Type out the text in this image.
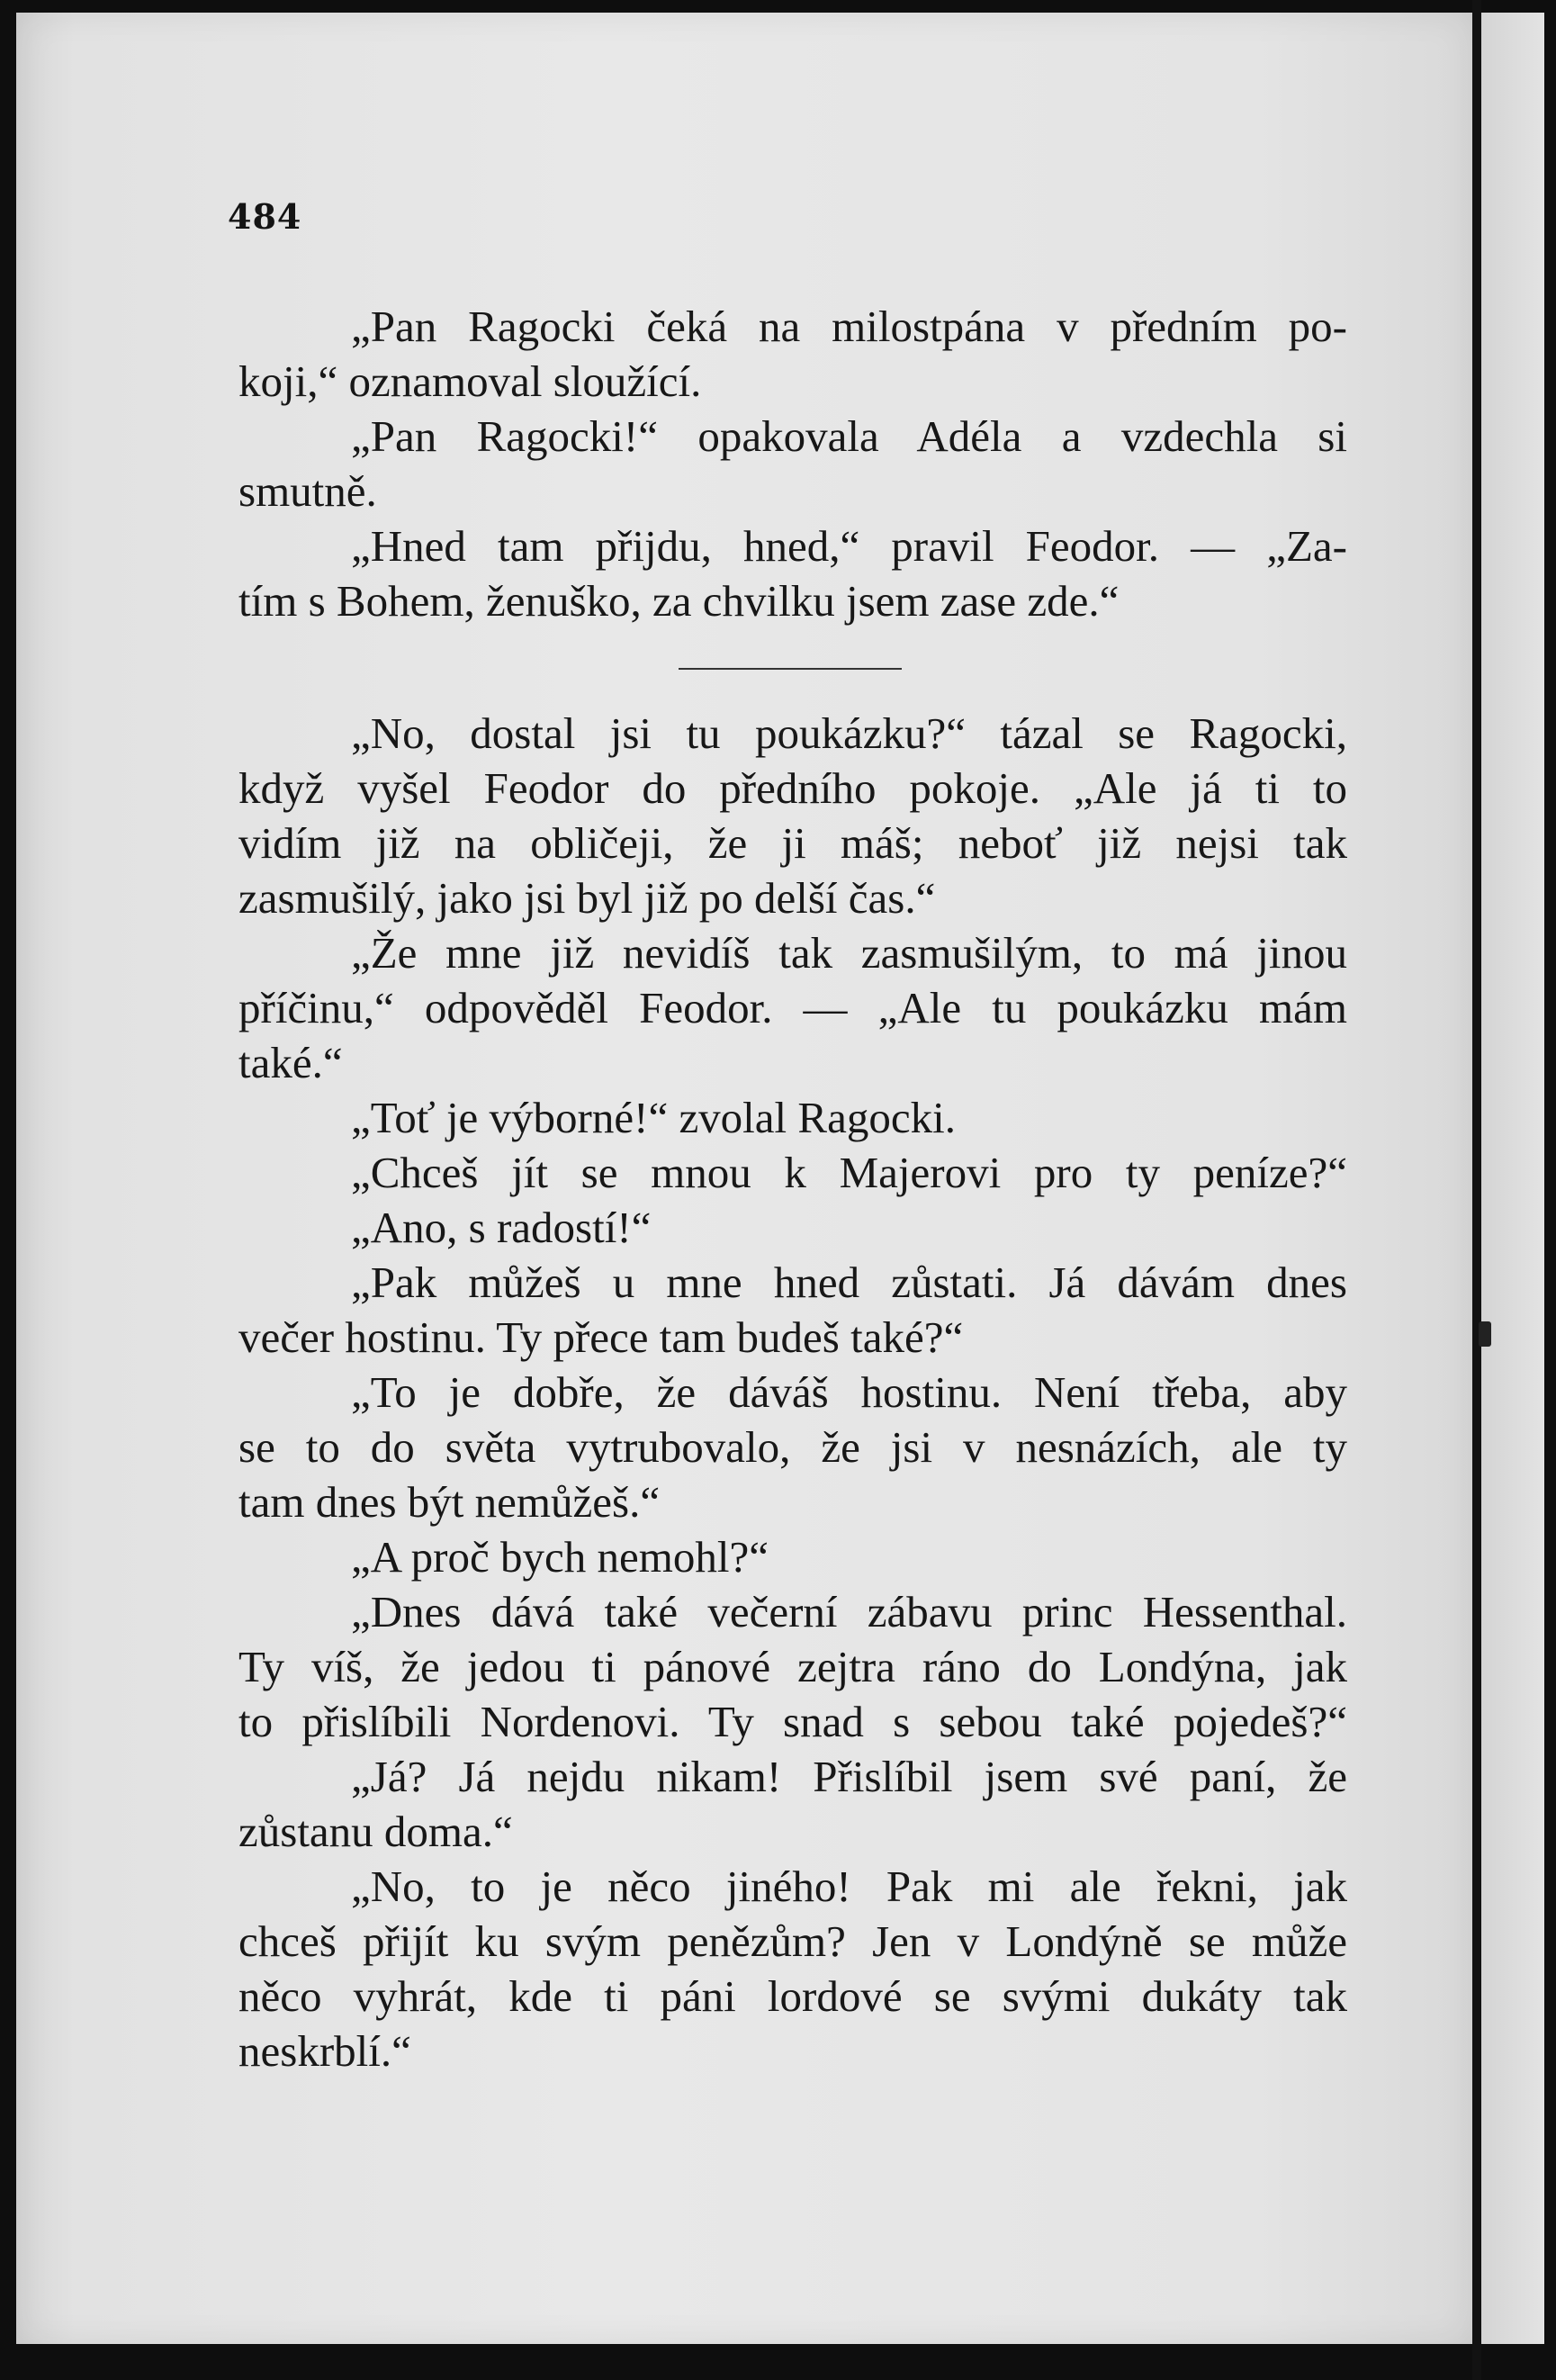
484
„Pan Ragocki čeká na milostpána v předním po-
koji,“ oznamoval sloužící.
„Pan Ragocki!“ opakovala Adéla a vzdechla si
smutně.
„Hned tam přijdu, hned,“ pravil Feodor. — „Za-
tím s Bohem, ženuško, za chvilku jsem zase zde.“
„No, dostal jsi tu poukázku?“ tázal se Ragocki,
když vyšel Feodor do předního pokoje. „Ale já ti to
vidím již na obličeji, že ji máš; neboť již nejsi tak
zasmušilý, jako jsi byl již po delší čas.“
„Že mne již nevidíš tak zasmušilým, to má jinou
příčinu,“ odpověděl Feodor. — „Ale tu poukázku mám
také.“
„Toť je výborné!“ zvolal Ragocki.
„Chceš jít se mnou k Majerovi pro ty peníze?“
„Ano, s radostí!“
„Pak můžeš u mne hned zůstati. Já dávám dnes
večer hostinu. Ty přece tam budeš také?“
„To je dobře, že dáváš hostinu. Není třeba, aby
se to do světa vytrubovalo, že jsi v nesnázích, ale ty
tam dnes být nemůžeš.“
„A proč bych nemohl?“
„Dnes dává také večerní zábavu princ Hessenthal.
Ty víš, že jedou ti pánové zejtra ráno do Londýna, jak
to přislíbili Nordenovi. Ty snad s sebou také pojedeš?“
„Já? Já nejdu nikam! Přislíbil jsem své paní, že
zůstanu doma.“
„No, to je něco jiného! Pak mi ale řekni, jak
chceš přijít ku svým penězům? Jen v Londýně se může
něco vyhrát, kde ti páni lordové se svými dukáty tak
neskrblí.“
